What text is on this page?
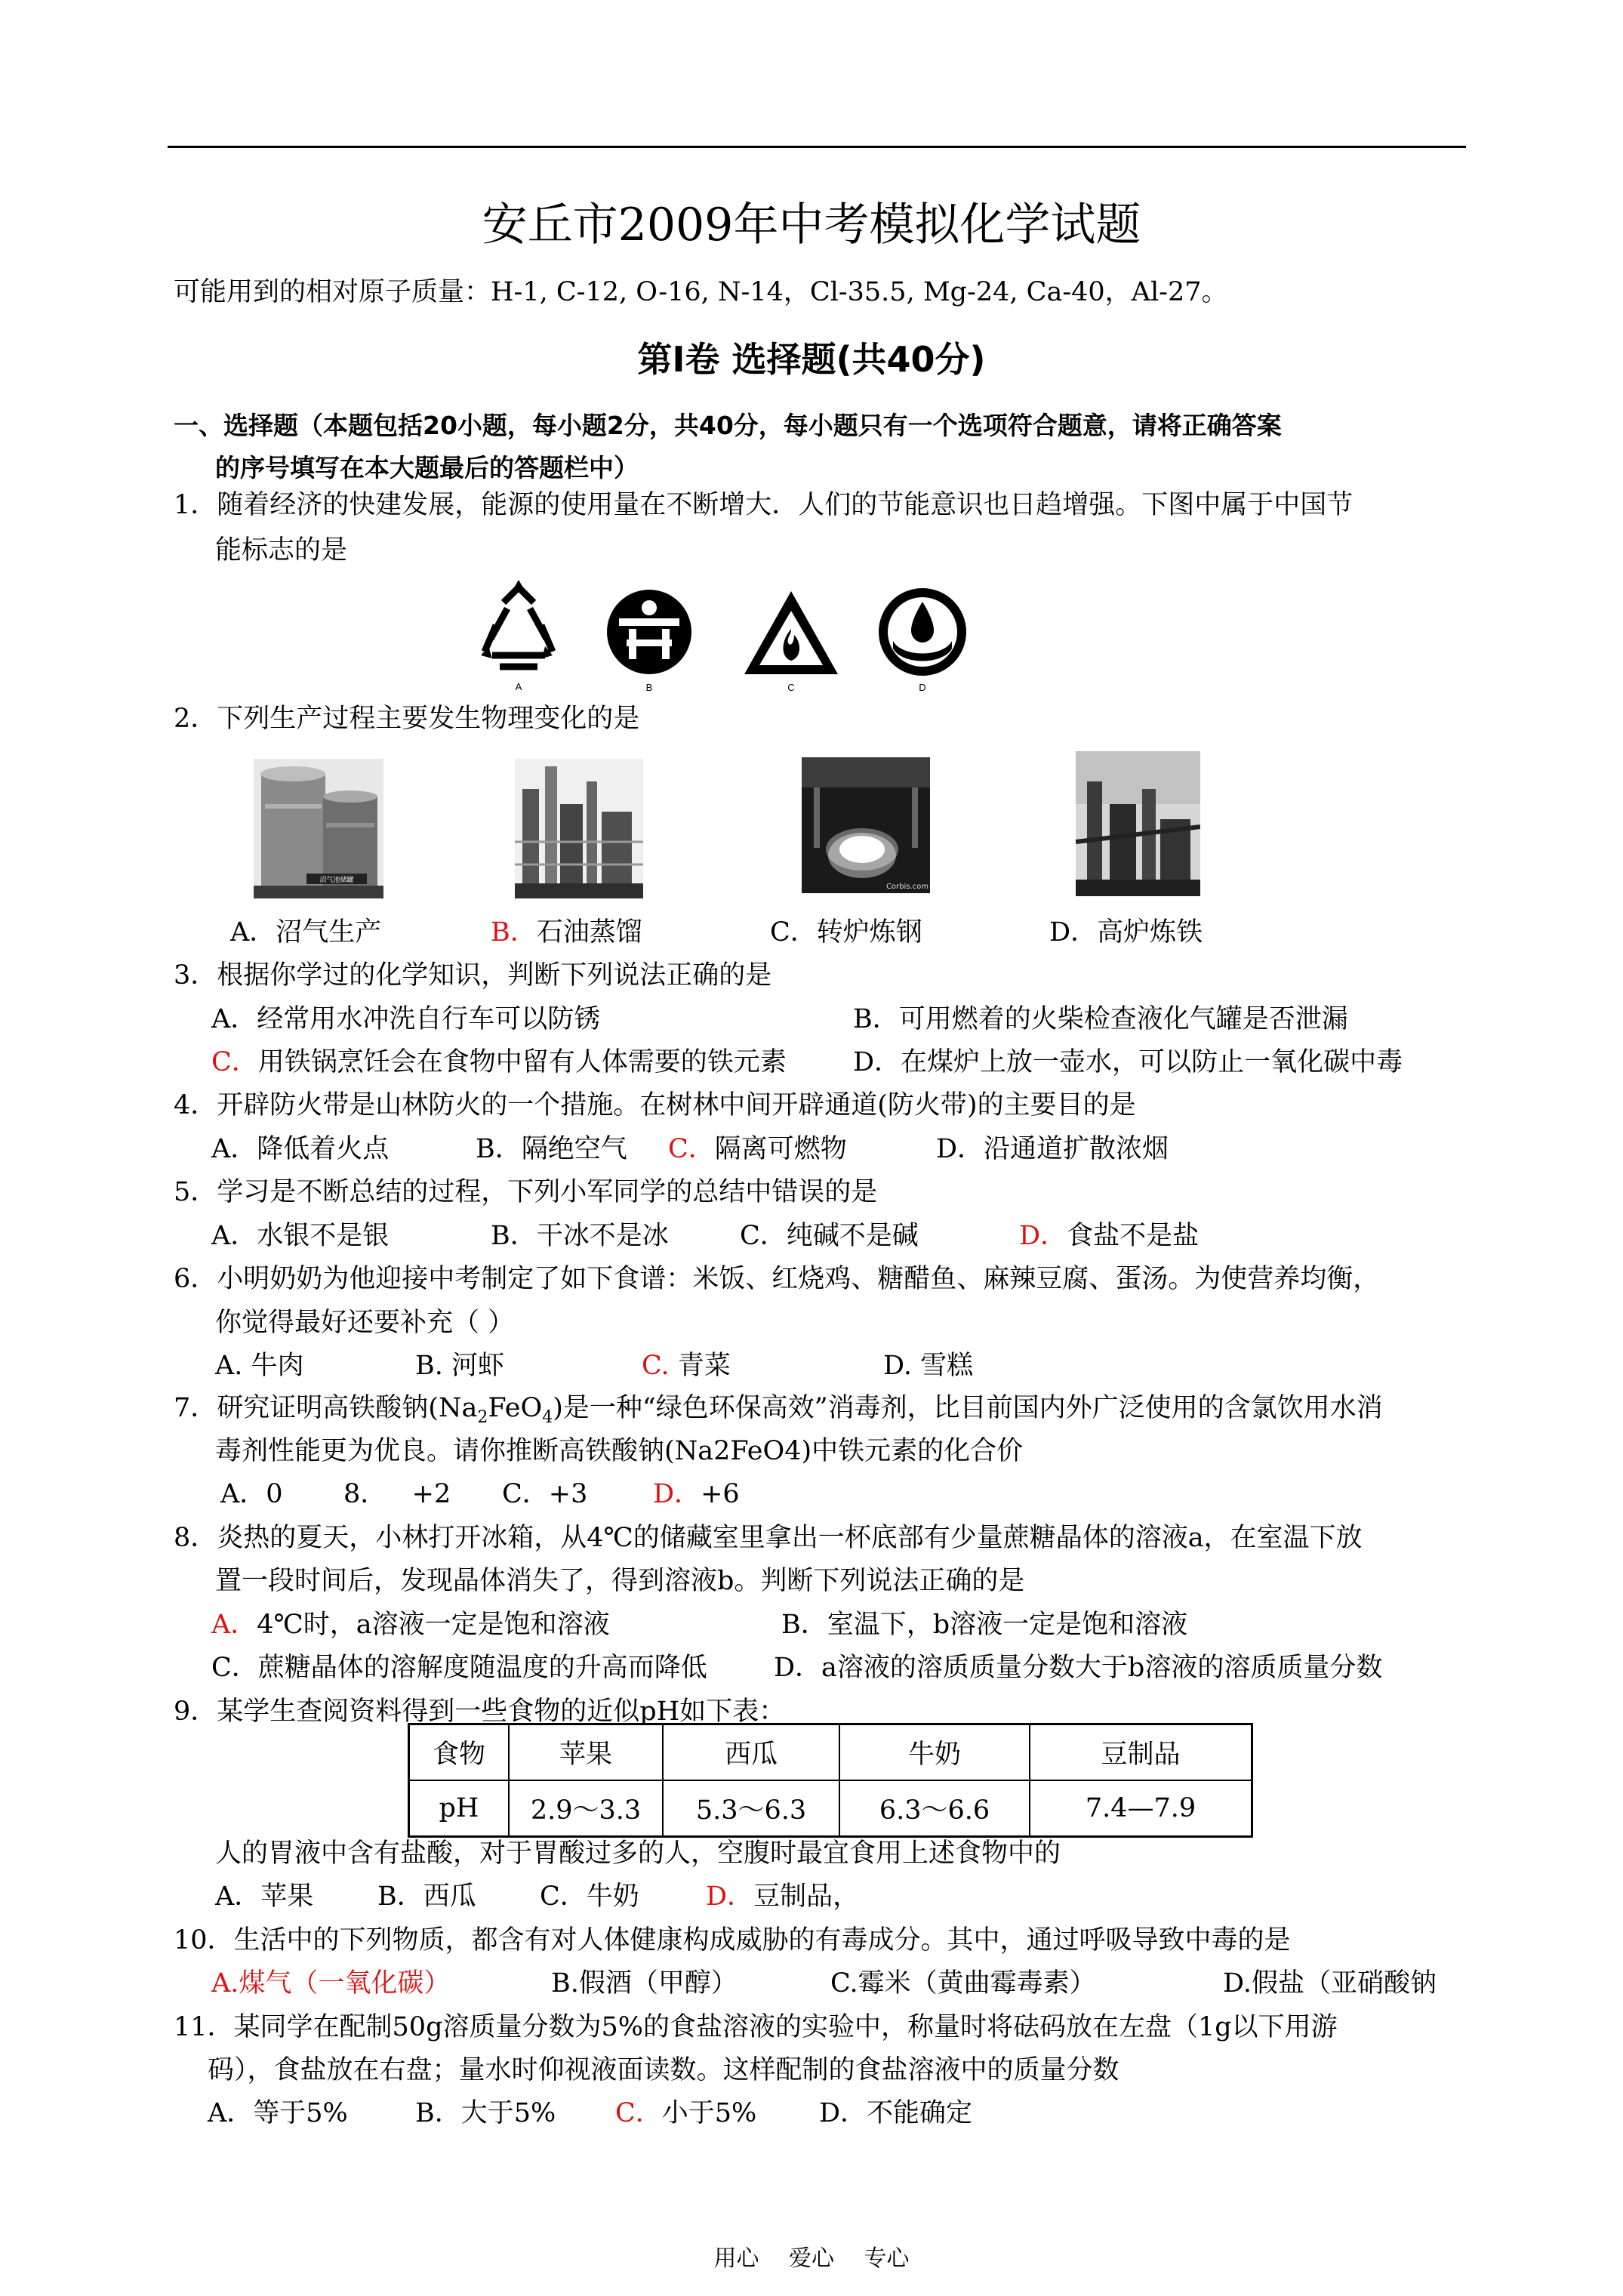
安丘市2009年中考模拟化学试题
可能用到的相对原子质量：H-1, C-12, O-16, N-14，Cl-35.5, Mg-24, Ca-40，Al-27。
第Ⅰ卷 选择题(共40分)
一、选择题（本题包括20小题，每小题2分，共40分，每小题只有一个选项符合题意，请将正确答案
的序号填写在本大题最后的答题栏中）
1．随着经济的快建发展，能源的使用量在不断增大．人们的节能意识也日趋增强。下图中属于中国节
能标志的是
A	B	C	D
2．下列生产过程主要发生物理变化的是
沼气池储罐
Corbis.com
A．沼气生产	B．石油蒸馏	C．转炉炼钢	D．高炉炼铁
3．根据你学过的化学知识，判断下列说法正确的是
A．经常用水冲洗自行车可以防锈	B．可用燃着的火柴检查液化气罐是否泄漏
C．用铁锅烹饪会在食物中留有人体需要的铁元素	D．在煤炉上放一壶水，可以防止一氧化碳中毒
4．开辟防火带是山林防火的一个措施。在树林中间开辟通道(防火带)的主要目的是
A．降低着火点	B．隔绝空气 C．隔离可燃物	D．沿通道扩散浓烟
5．学习是不断总结的过程，下列小军同学的总结中错误的是
A．水银不是银	B．干冰不是冰	C．纯碱不是碱	D．食盐不是盐
6．小明奶奶为他迎接中考制定了如下食谱：米饭、红烧鸡、糖醋鱼、麻辣豆腐、蛋汤。为使营养均衡，
你觉得最好还要补充（ ）
A. 牛肉	B. 河虾	C. 青菜	D. 雪糕
7．研究证明高铁酸钠$(Na_2FeO_4)$是一种“绿色环保高效”消毒剂，比目前国内外广泛使用的含氯饮用水消
毒剂性能更为优良。请你推断高铁酸钠(Na2FeO4)中铁元素的化合价
A．0 8．   +2 C．+3 D．+6
8．炎热的夏天，小林打开冰箱，从4℃的储藏室里拿出一杯底部有少量蔗糖晶体的溶液a，在室温下放
置一段时间后，发现晶体消失了，得到溶液b。判断下列说法正确的是
A．4℃时，a溶液一定是饱和溶液	B．室温下，b溶液一定是饱和溶液
C．蔗糖晶体的溶解度随温度的升高而降低	D．a溶液的溶质质量分数大于b溶液的溶质质量分数
9．某学生查阅资料得到一些食物的近似pH如下表：
食物	苹果	西瓜	牛奶	豆制品
pH	2.9～3.3	5.3～6.3	6.3～6.6	7.4—7.9
人的胃液中含有盐酸，对于胃酸过多的人，空腹时最宜食用上述食物中的
A．苹果 B．西瓜 C．牛奶	D．豆制品，
10．生活中的下列物质，都含有对人体健康构成威胁的有毒成分。其中，通过呼吸导致中毒的是
A.煤气（一氧化碳）	B.假酒（甲醇）	C.霉米（黄曲霉毒素）	D.假盐（亚硝酸钠
11．某同学在配制50g溶质量分数为5%的食盐溶液的实验中，称量时将砝码放在左盘（1g以下用游
码），食盐放在右盘；量水时仰视液面读数。这样配制的食盐溶液中的质量分数
A．等于5%	B．大于5% C．小于5% D．不能确定
用心 爱心 专心
